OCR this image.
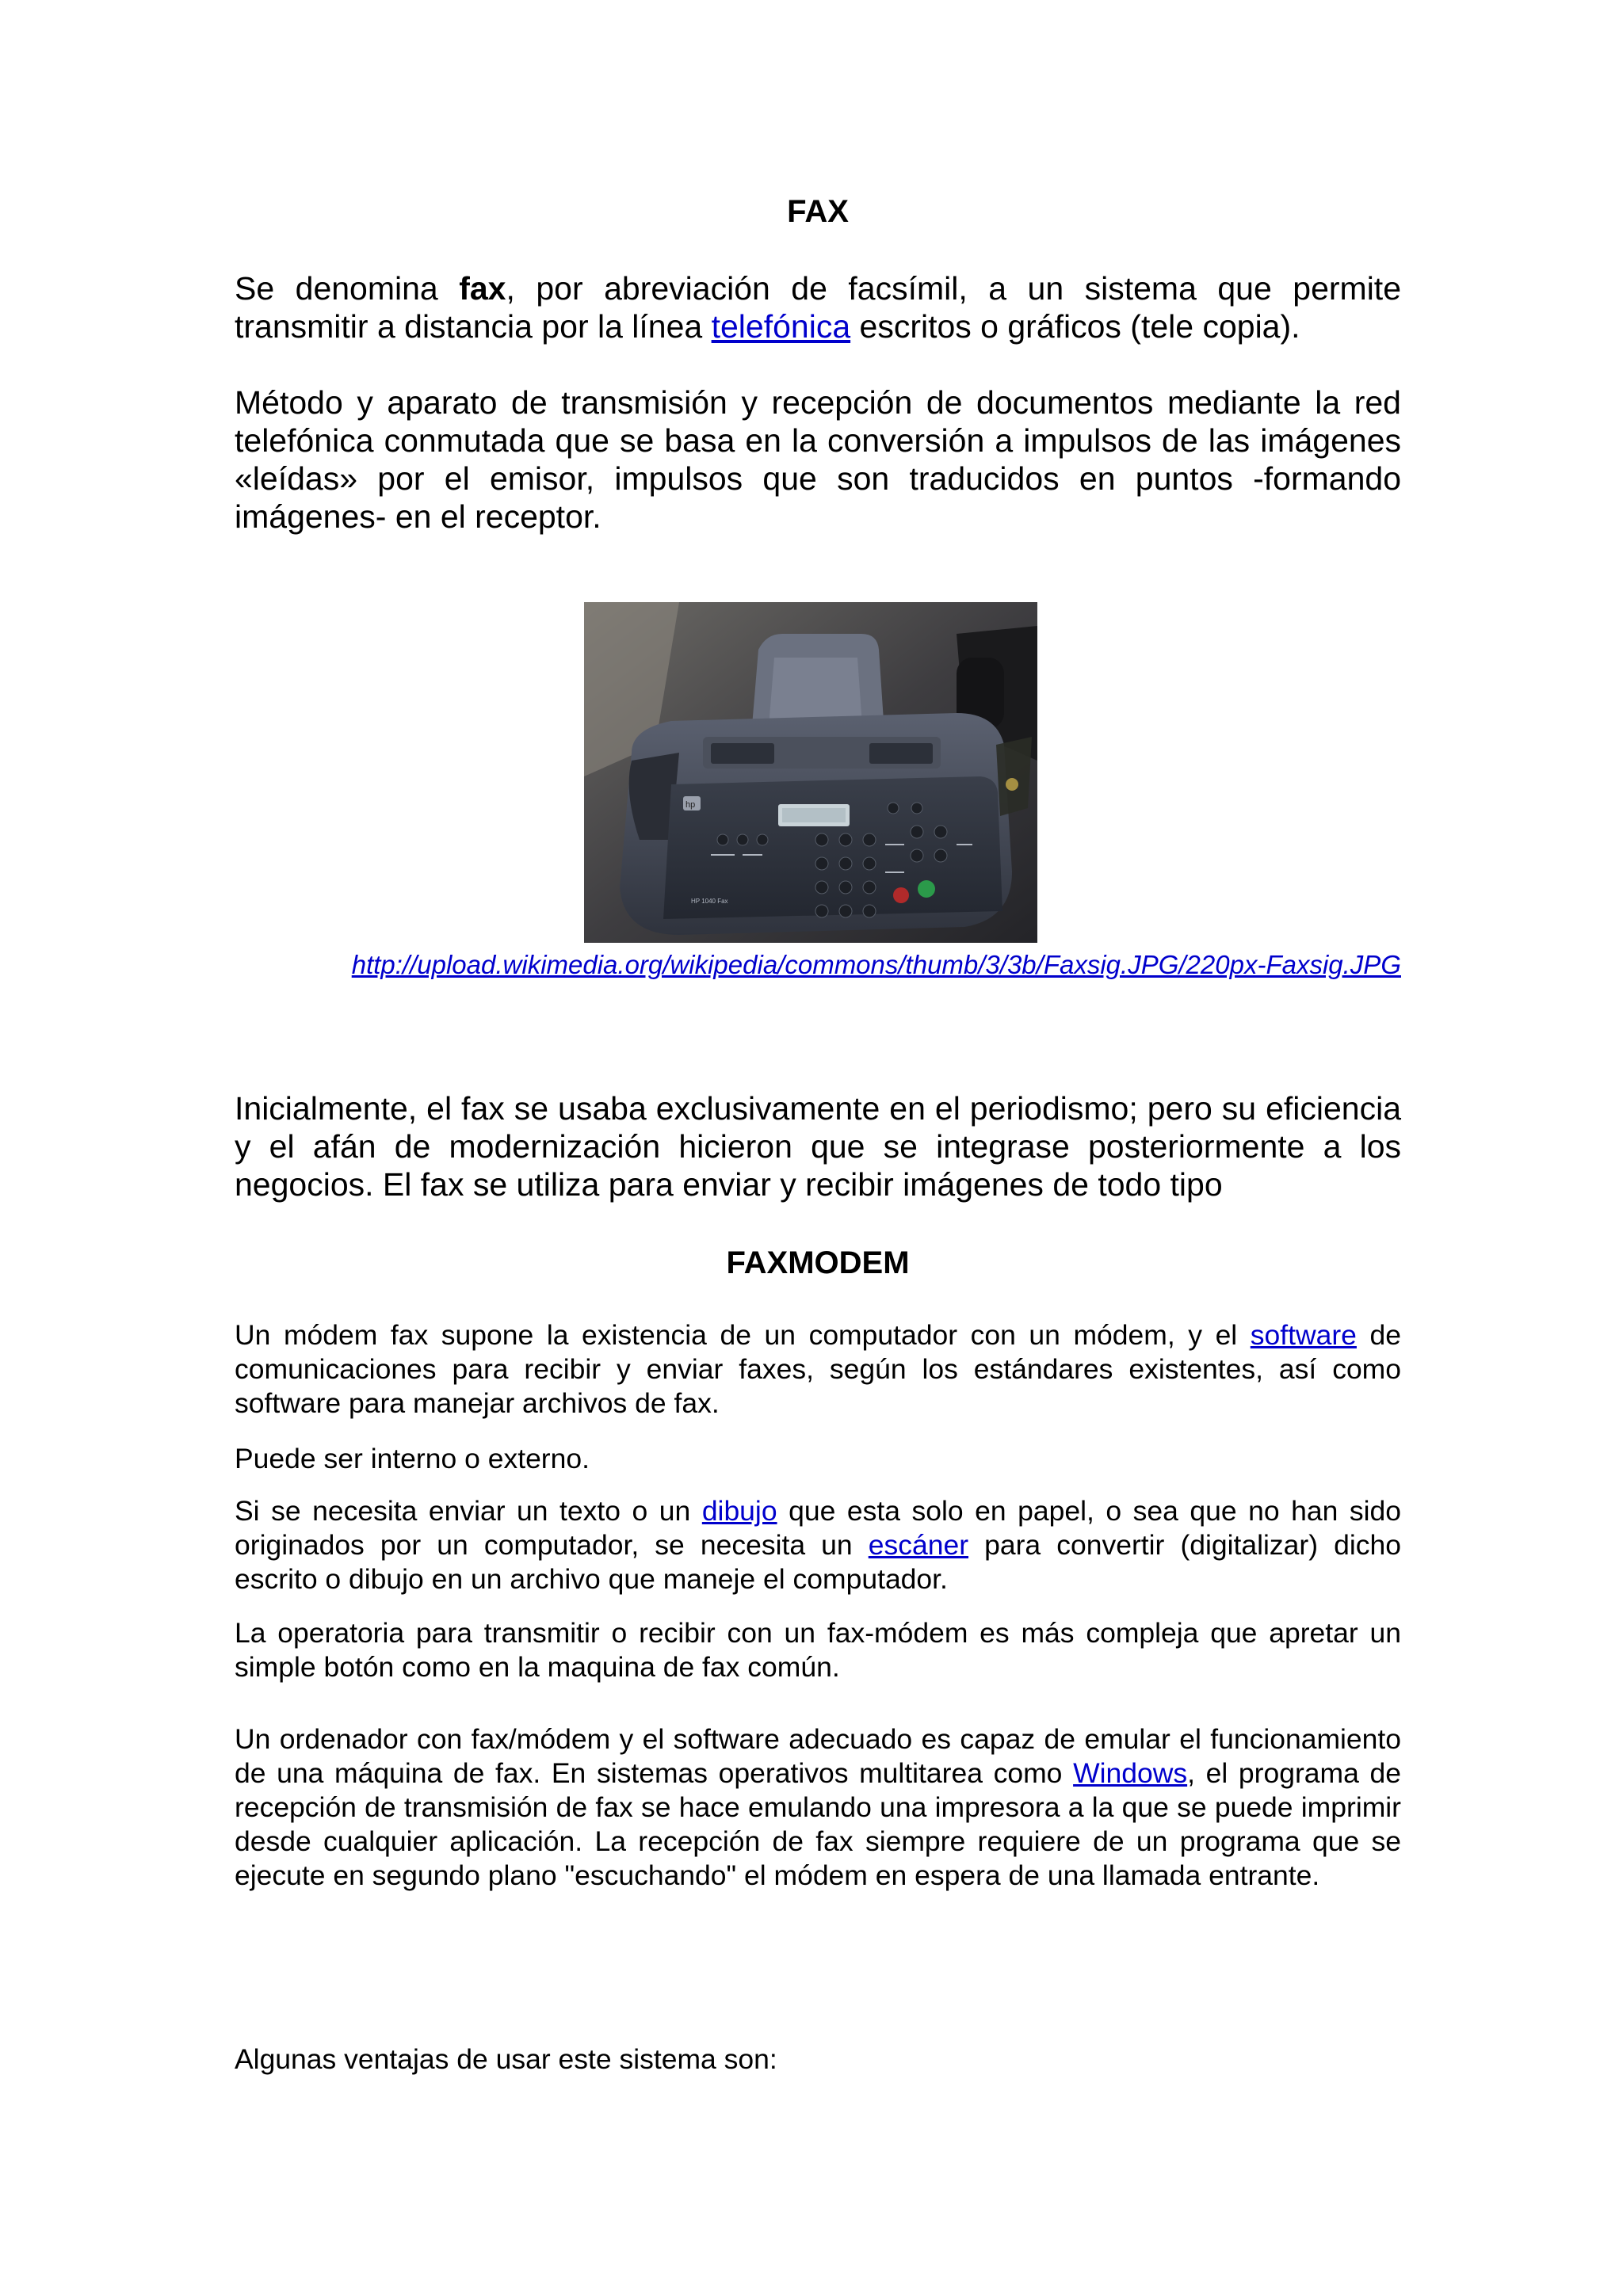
FAX

Se denomina fax, por abreviación de facsímil, a un sistema que permite transmitir a distancia por la línea telefónica escritos o gráficos (tele copia).

Método y aparato de transmisión y recepción de documentos mediante la red telefónica conmutada que se basa en la conversión a impulsos de las imágenes «leídas» por el emisor, impulsos que son traducidos en puntos -formando imágenes- en el receptor.

hp
HP 1040 Fax
http://upload.wikimedia.org/wikipedia/commons/thumb/3/3b/Faxsig.JPG/220px-Faxsig.JPG

Inicialmente, el fax se usaba exclusivamente en el periodismo; pero su eficiencia y el afán de modernización hicieron que se integrase posteriormente a los negocios. El fax se utiliza para enviar y recibir imágenes de todo tipo

FAXMODEM

Un módem fax supone la existencia de un computador con un módem, y el software de comunicaciones para recibir y enviar faxes, según los estándares existentes, así como software para manejar archivos de fax.

Puede ser interno o externo.

Si se necesita enviar un texto o un dibujo que esta solo en papel, o sea que no han sido originados por un computador, se necesita un escáner para convertir (digitalizar) dicho escrito o dibujo en un archivo que maneje el computador.

La operatoria para transmitir o recibir con un fax-módem es más compleja que apretar un simple botón como en la maquina de fax común.

Un ordenador con fax/módem y el software adecuado es capaz de emular el funcionamiento de una máquina de fax. En sistemas operativos multitarea como Windows, el programa de recepción de transmisión de fax se hace emulando una impresora a la que se puede imprimir desde cualquier aplicación. La recepción de fax siempre requiere de un programa que se ejecute en segundo plano "escuchando" el módem en espera de una llamada entrante.

Algunas ventajas de usar este sistema son:
